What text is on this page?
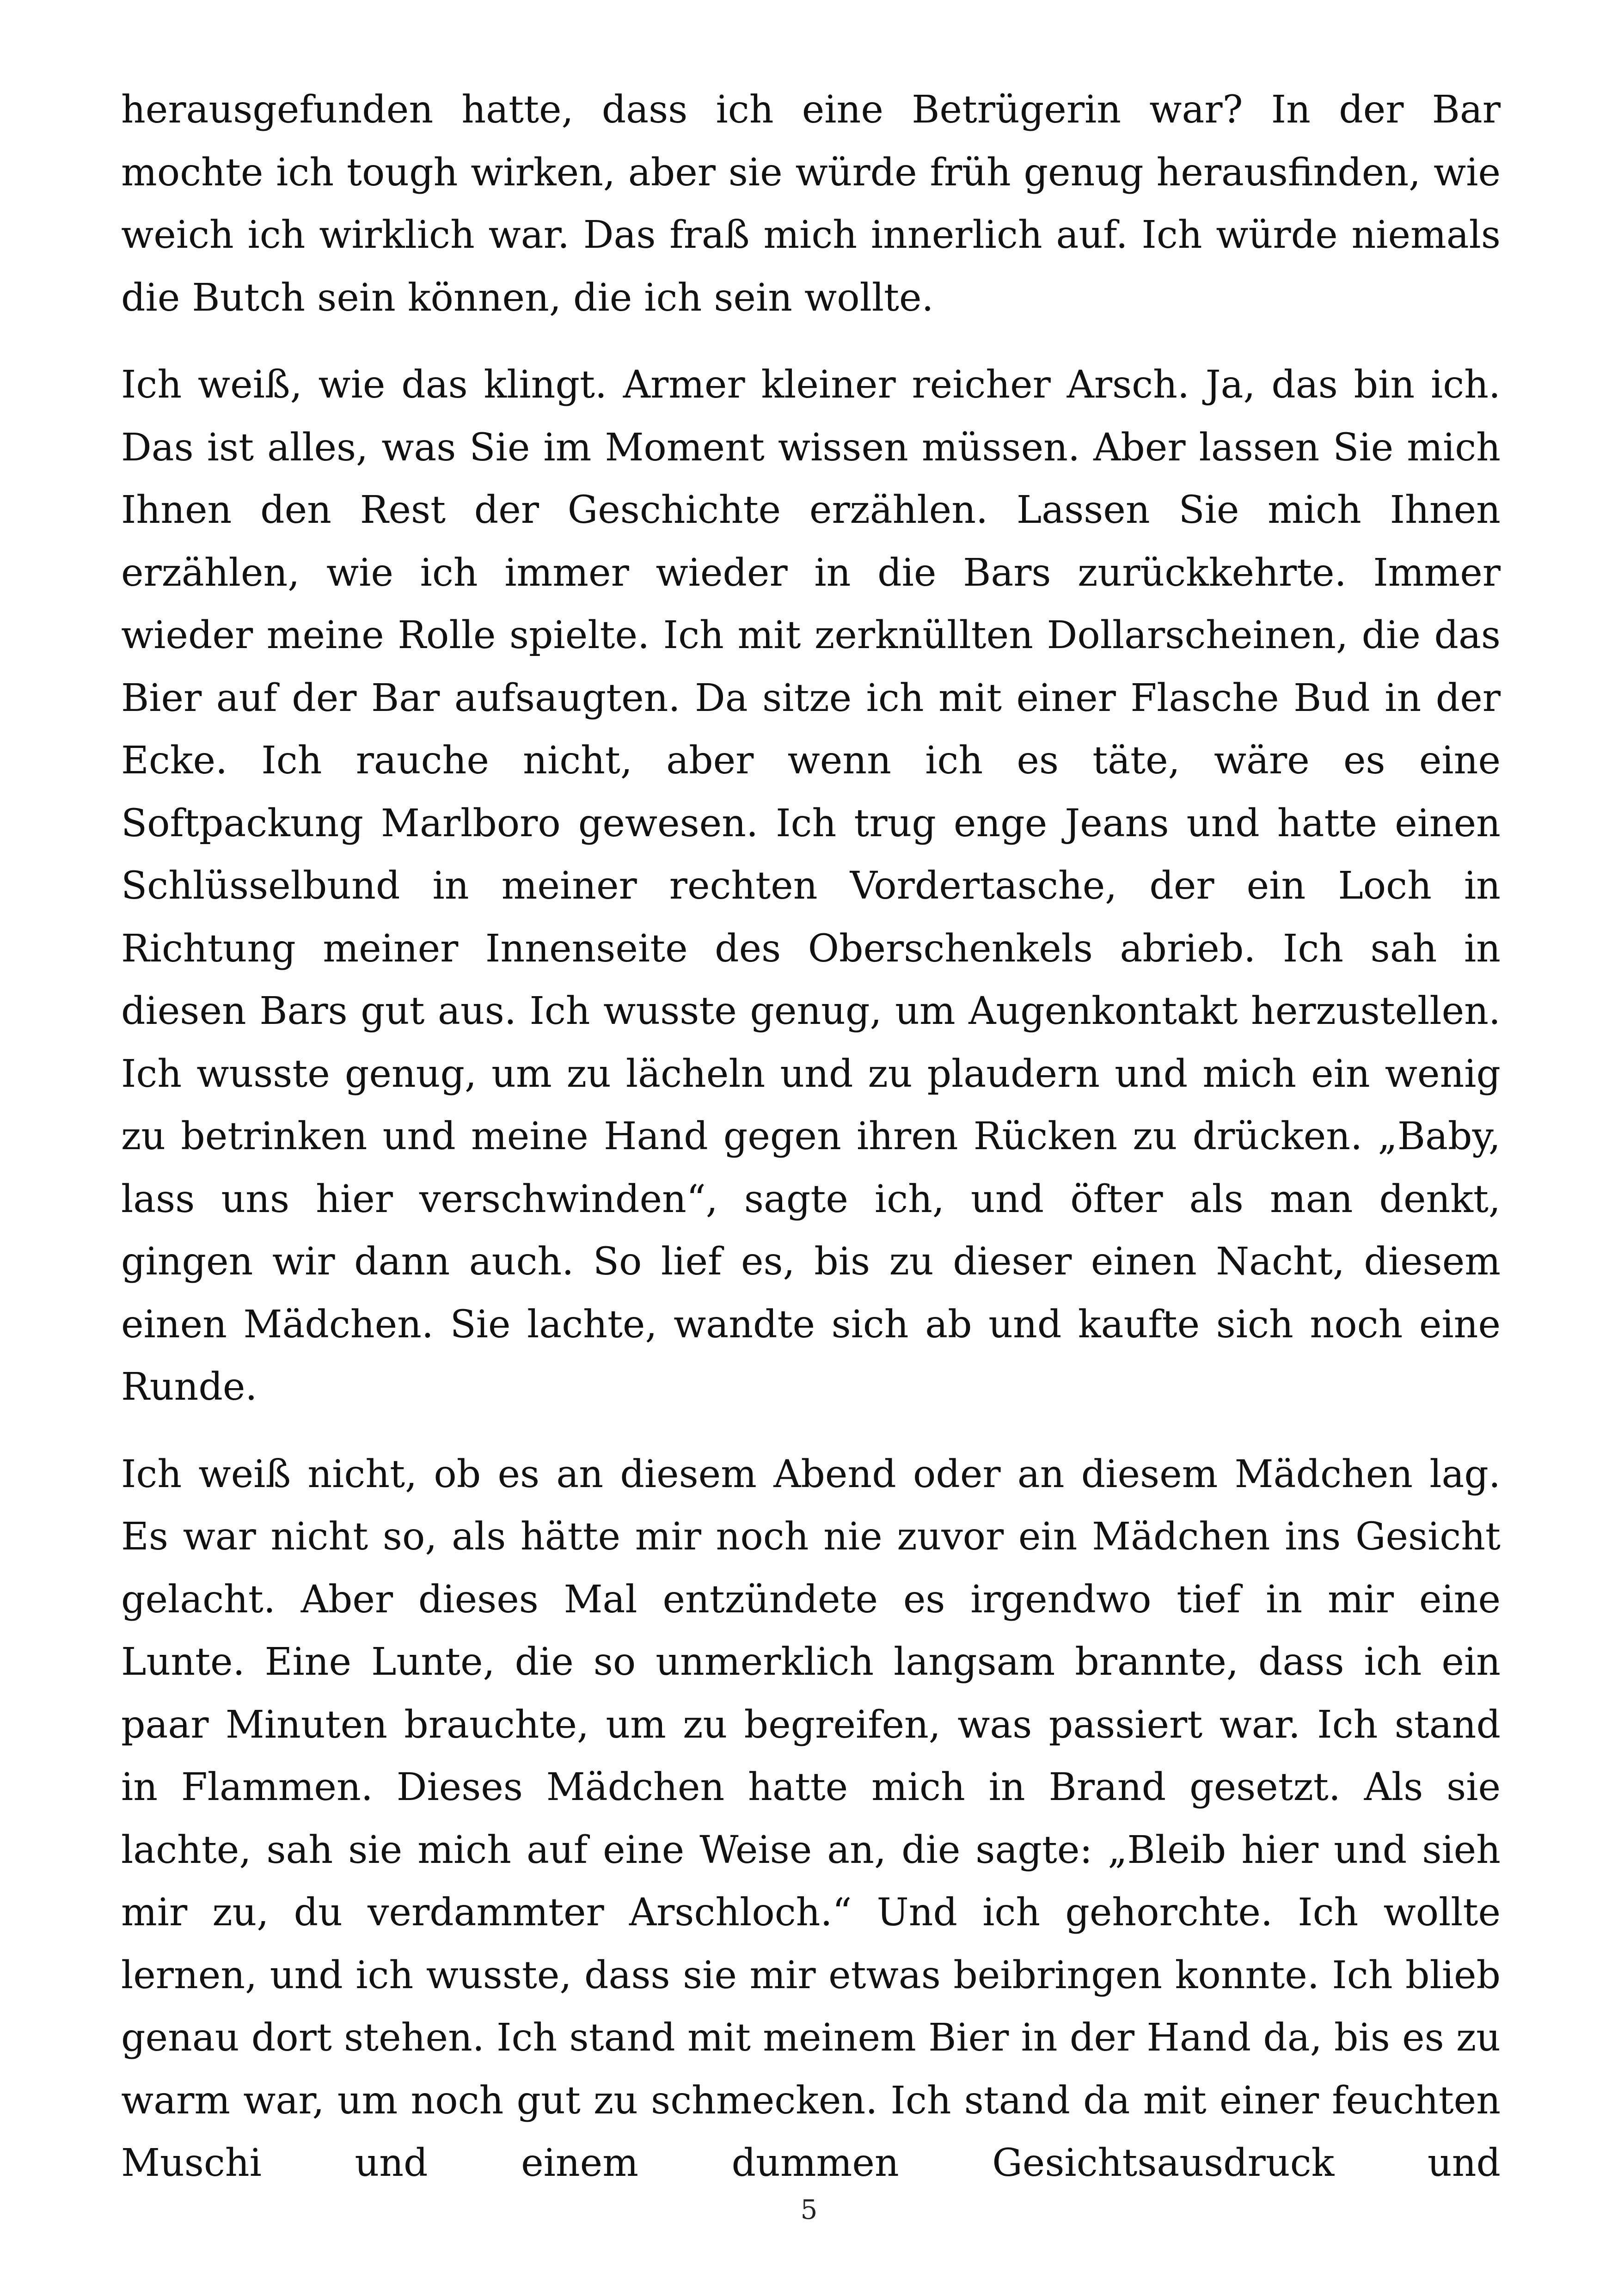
herausgefunden hatte, dass ich eine Betrügerin war? In der Bar mochte ich tough wirken, aber sie würde früh genug herausfinden, wie weich ich wirklich war. Das fraß mich innerlich auf. Ich würde niemals die Butch sein können, die ich sein wollte.

Ich weiß, wie das klingt. Armer kleiner reicher Arsch. Ja, das bin ich. Das ist alles, was Sie im Moment wissen müssen. Aber lassen Sie mich Ihnen den Rest der Geschichte erzählen. Lassen Sie mich Ihnen erzählen, wie ich immer wieder in die Bars zurückkehrte. Immer wieder meine Rolle spielte. Ich mit zerknüllten Dollarscheinen, die das Bier auf der Bar aufsaugten. Da sitze ich mit einer Flasche Bud in der Ecke. Ich rauche nicht, aber wenn ich es täte, wäre es eine Softpackung Marlboro gewesen. Ich trug enge Jeans und hatte einen Schlüsselbund in meiner rechten Vordertasche, der ein Loch in Richtung meiner Innenseite des Oberschenkels abrieb. Ich sah in diesen Bars gut aus. Ich wusste genug, um Augenkontakt herzustellen. Ich wusste genug, um zu lächeln und zu plaudern und mich ein wenig zu betrinken und meine Hand gegen ihren Rücken zu drücken. „Baby, lass uns hier verschwinden“, sagte ich, und öfter als man denkt, gingen wir dann auch. So lief es, bis zu dieser einen Nacht, diesem einen Mädchen. Sie lachte, wandte sich ab und kaufte sich noch eine Runde.

Ich weiß nicht, ob es an diesem Abend oder an diesem Mädchen lag. Es war nicht so, als hätte mir noch nie zuvor ein Mädchen ins Gesicht gelacht. Aber dieses Mal entzündete es irgendwo tief in mir eine Lunte. Eine Lunte, die so unmerklich langsam brannte, dass ich ein paar Minuten brauchte, um zu begreifen, was passiert war. Ich stand in Flammen. Dieses Mädchen hatte mich in Brand gesetzt. Als sie lachte, sah sie mich auf eine Weise an, die sagte: „Bleib hier und sieh mir zu, du verdammter Arschloch.“ Und ich gehorchte. Ich wollte lernen, und ich wusste, dass sie mir etwas beibringen konnte. Ich blieb genau dort stehen. Ich stand mit meinem Bier in der Hand da, bis es zu warm war, um noch gut zu schmecken. Ich stand da mit einer feuchten Muschi und einem dummen Gesichtsausdruck und

5
